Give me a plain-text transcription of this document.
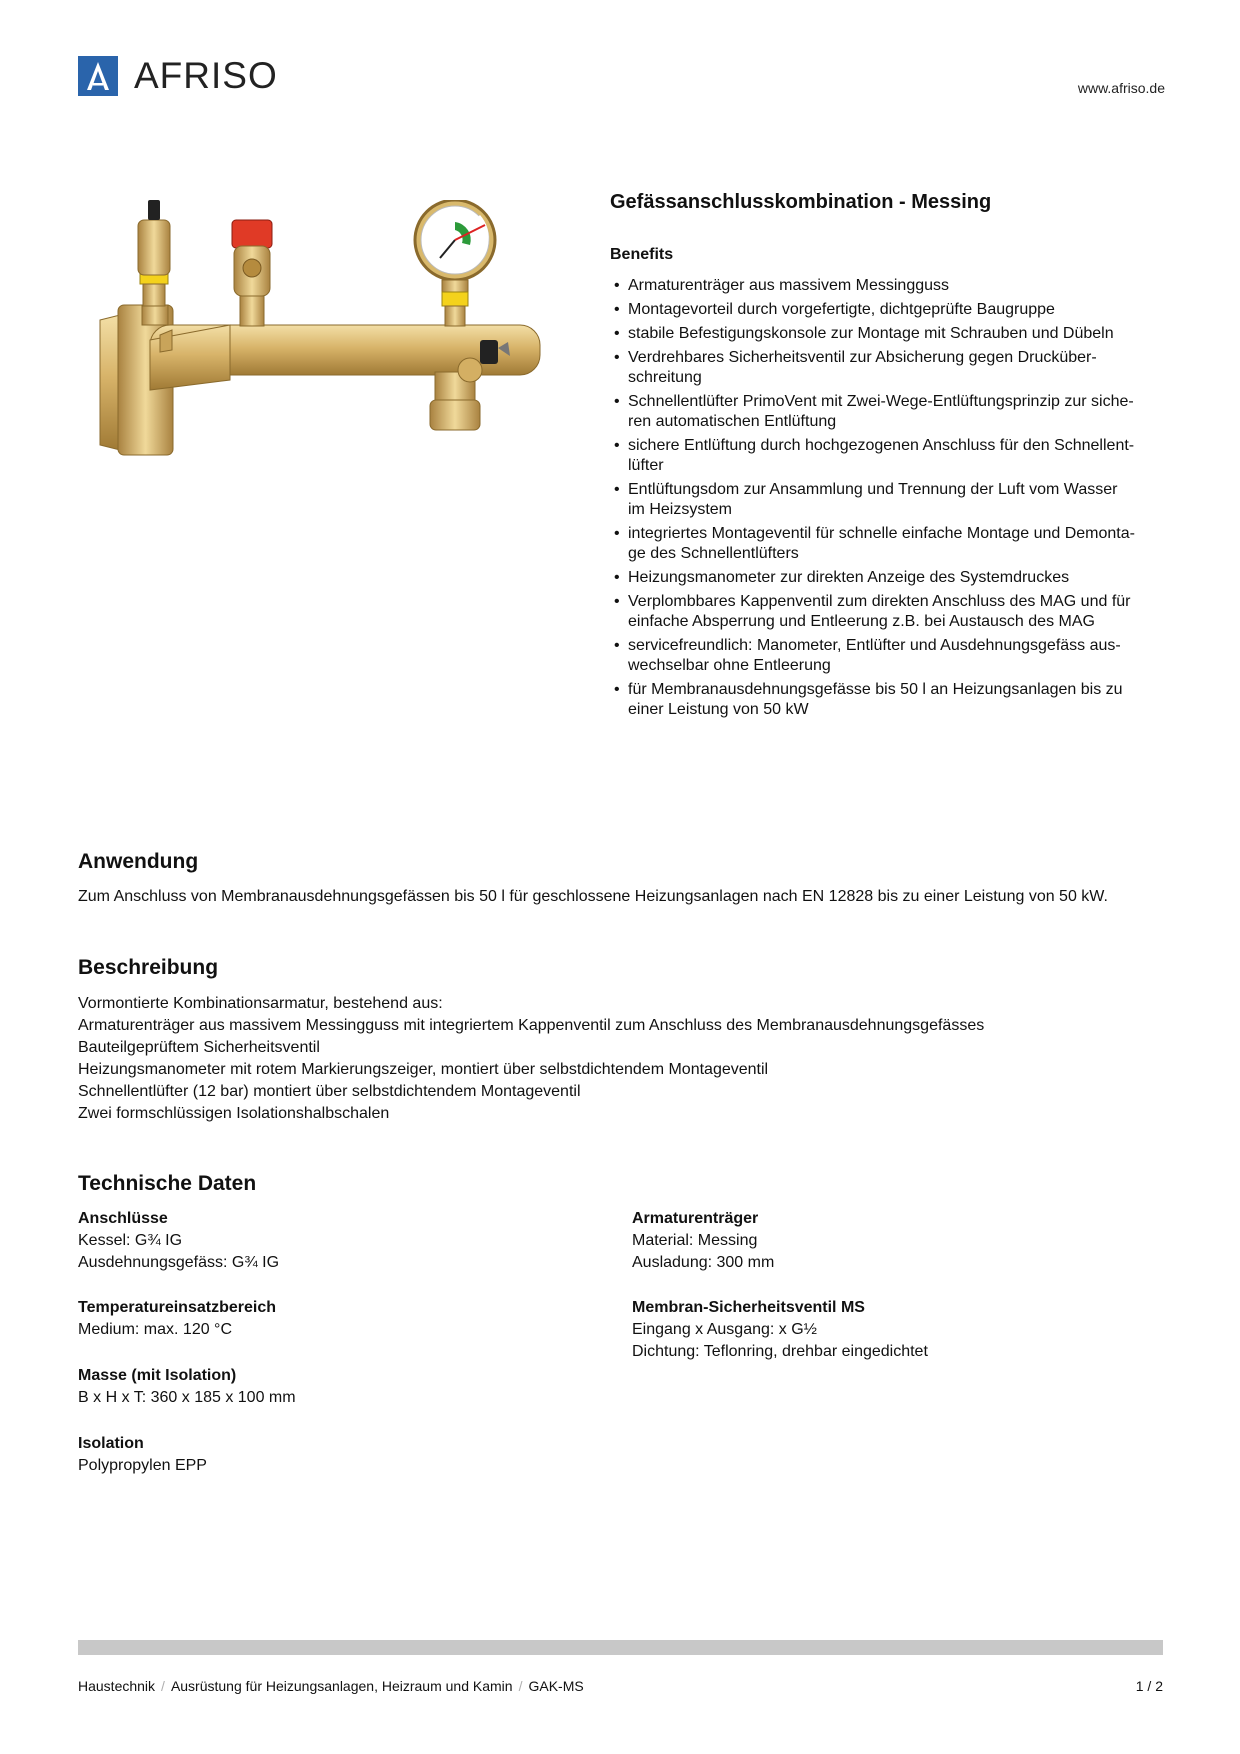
AFRISO	www.afriso.de
Gefässanschlusskombination - Messing
Benefits
• Armaturenträger aus massivem Messingguss
• Montagevorteil durch vorgefertigte, dichtgeprüfte Baugruppe
• stabile Befestigungskonsole zur Montage mit Schrauben und Dübeln
• Verdrehbares Sicherheitsventil zur Absicherung gegen Drucküber-
schreitung
• Schnellentlüfter PrimoVent mit Zwei-Wege-Entlüftungsprinzip zur siche-
ren automatischen Entlüftung
• sichere Entlüftung durch hochgezogenen Anschluss für den Schnellent-
lüfter
• Entlüftungsdom zur Ansammlung und Trennung der Luft vom Wasser
im Heizsystem
• integriertes Montageventil für schnelle einfache Montage und Demonta-
ge des Schnellentlüfters
• Heizungsmanometer zur direkten Anzeige des Systemdruckes
• Verplombbares Kappenventil zum direkten Anschluss des MAG und für
einfache Absperrung und Entleerung z.B. bei Austausch des MAG
• servicefreundlich: Manometer, Entlüfter und Ausdehnungsgefäss aus-
wechselbar ohne Entleerung
• für Membranausdehnungsgefässe bis 50 l an Heizungsanlagen bis zu
einer Leistung von 50 kW
Anwendung
Zum Anschluss von Membranausdehnungsgefässen bis 50 l für geschlossene Heizungsanlagen nach EN 12828 bis zu einer Leistung von 50 kW.
Beschreibung
Vormontierte Kombinationsarmatur, bestehend aus:
Armaturenträger aus massivem Messingguss mit integriertem Kappenventil zum Anschluss des Membranausdehnungsgefässes
Bauteilgeprüftem Sicherheitsventil
Heizungsmanometer mit rotem Markierungszeiger, montiert über selbstdichtendem Montageventil
Schnellentlüfter (12 bar) montiert über selbstdichtendem Montageventil
Zwei formschlüssigen Isolationshalbschalen
Technische Daten
Anschlüsse
Kessel: G¾ IG
Ausdehnungsgefäss: G¾ IG
Temperatureinsatzbereich
Medium: max. 120 °C
Masse (mit Isolation)
B x H x T: 360 x 185 x 100 mm
Isolation
Polypropylen EPP
Armaturenträger
Material: Messing
Ausladung: 300 mm
Membran-Sicherheitsventil MS
Eingang x Ausgang: x G½
Dichtung: Teflonring, drehbar eingedichtet
Haustechnik / Ausrüstung für Heizungsanlagen, Heizraum und Kamin / GAK-MS	1 / 2
